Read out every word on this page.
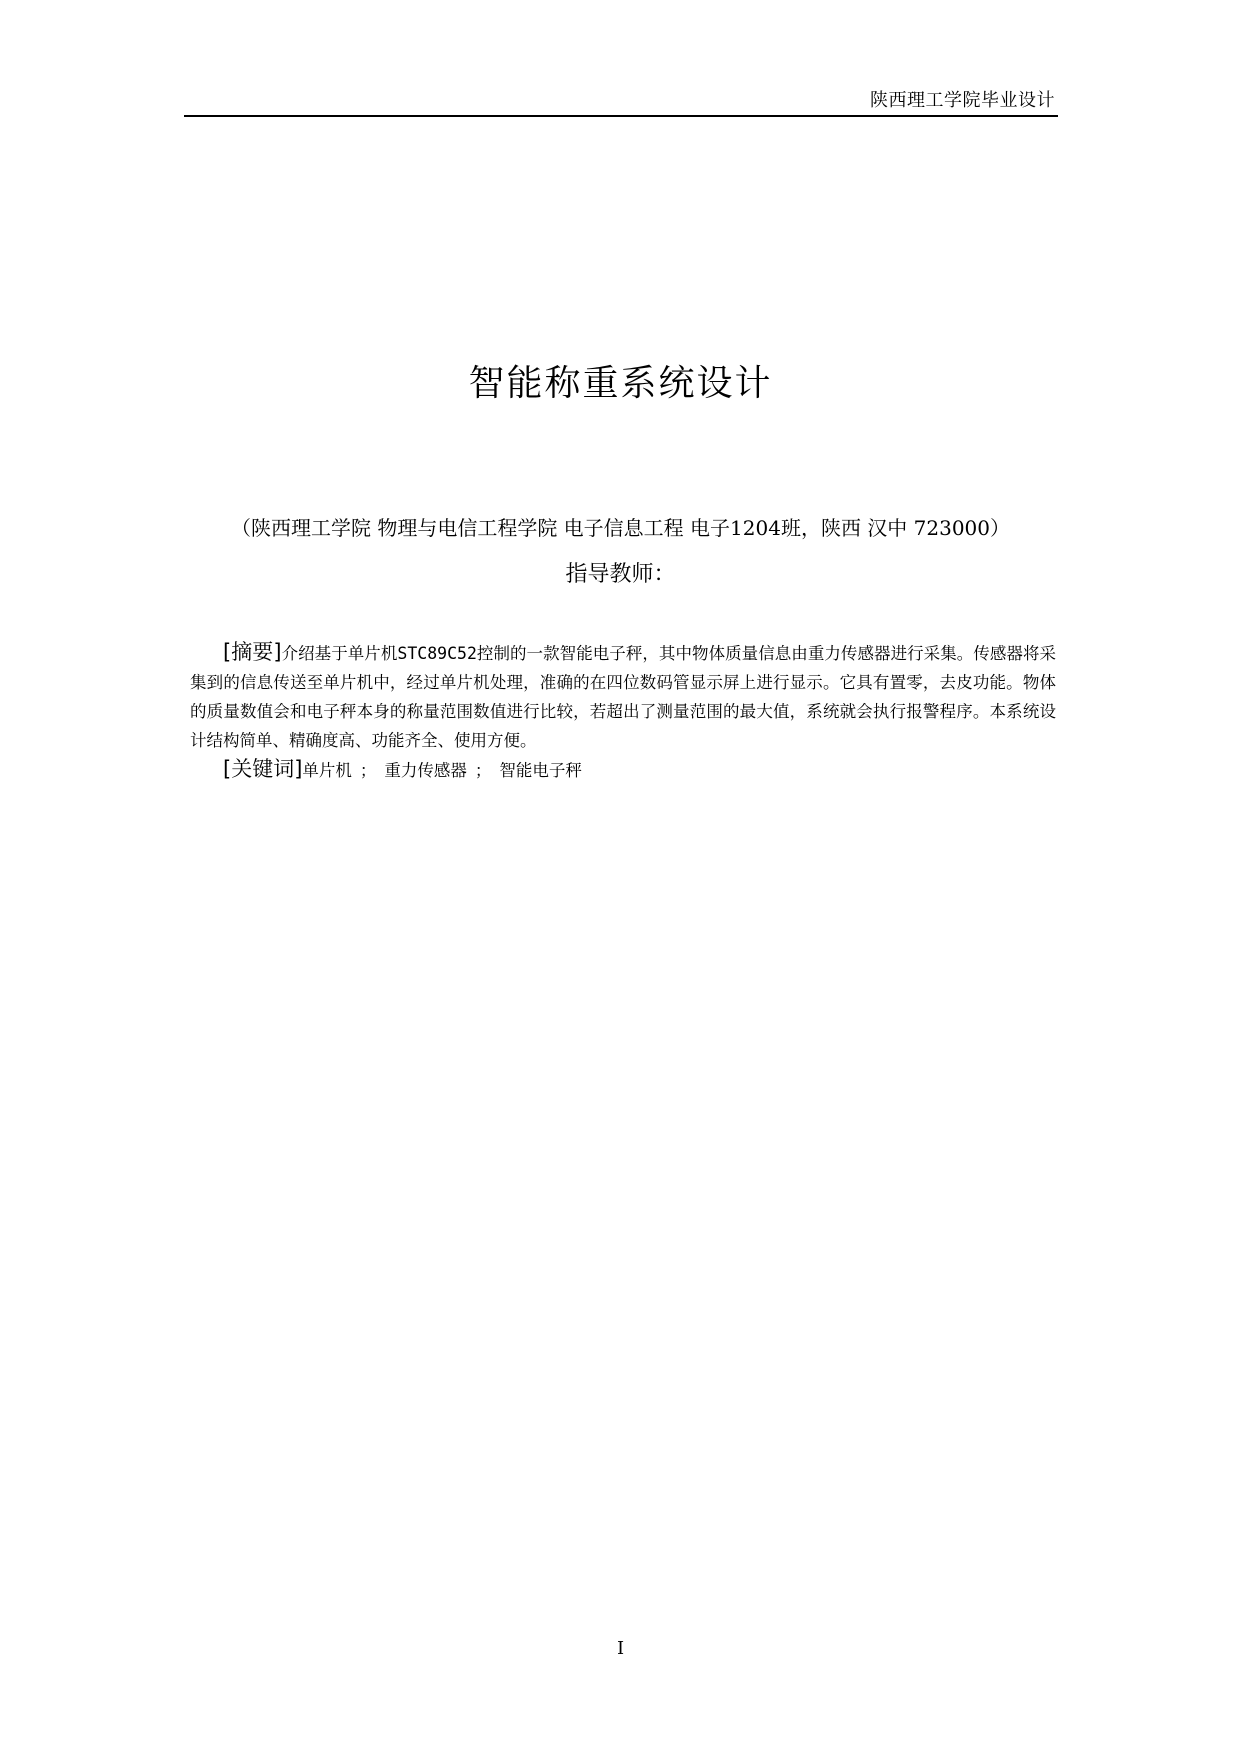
陕西理工学院毕业设计
智能称重系统设计
（陕西理工学院 物理与电信工程学院 电子信息工程 电子1204班，陕西 汉中 723000）
指导教师：

[摘要]介绍基于单片机STC89C52控制的一款智能电子秤，其中物体质量信息由重力传感器进行采集。传感器将采集到的信息传送至单片机中，经过单片机处理，准确的在四位数码管显示屏上进行显示。它具有置零，去皮功能。物体的质量数值会和电子秤本身的称量范围数值进行比较，若超出了测量范围的最大值，系统就会执行报警程序。本系统设计结构简单、精确度高、功能齐全、使用方便。

[关键词]单片机 ； 重力传感器 ； 智能电子秤

I
